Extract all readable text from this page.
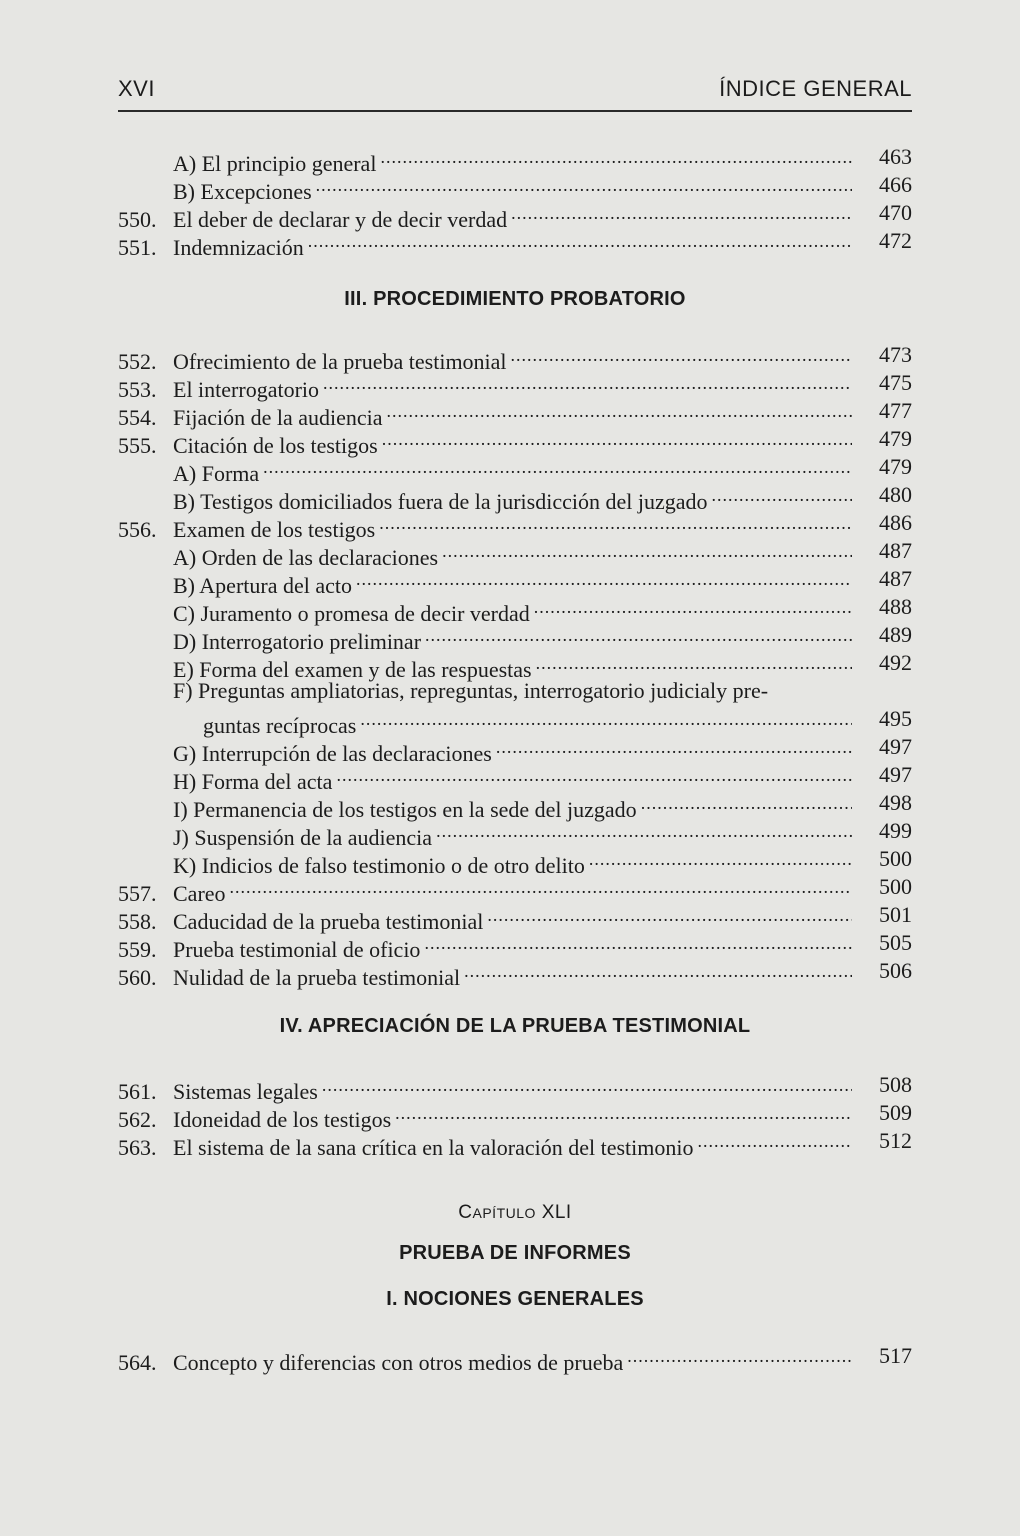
XVI	ÍNDICE GENERAL
A) El principio general .....	463
B) Excepciones .....	466
550. El deber de declarar y de decir verdad .....	470
551. Indemnización .....	472
552. Ofrecimiento de la prueba testimonial .....	473
553. El interrogatorio .....	475
554. Fijación de la audiencia .....	477
555. Citación de los testigos .....	479
A) Forma .....	479
B) Testigos domiciliados fuera de la jurisdicción del juzgado .....	480
556. Examen de los testigos .....	486
A) Orden de las declaraciones .....	487
B) Apertura del acto .....	487
C) Juramento o promesa de decir verdad .....	488
D) Interrogatorio preliminar .....	489
E) Forma del examen y de las respuestas .....	492
F) Preguntas ampliatorias, repreguntas, interrogatorio judicialy pre-
guntas recíprocas .....	495
G) Interrupción de las declaraciones .....	497
H) Forma del acta .....	497
I) Permanencia de los testigos en la sede del juzgado .....	498
J) Suspensión de la audiencia .....	499
K) Indicios de falso testimonio o de otro delito .....	500
557. Careo .....	500
558. Caducidad de la prueba testimonial .....	501
559. Prueba testimonial de oficio .....	505
560. Nulidad de la prueba testimonial .....	506
561. Sistemas legales .....	508
562. Idoneidad de los testigos .....	509
563. El sistema de la sana crítica en la valoración del testimonio .....	512
564. Concepto y diferencias con otros medios de prueba .....	517
III. PROCEDIMIENTO PROBATORIO
IV. APRECIACIÓN DE LA PRUEBA TESTIMONIAL
CAPÍTULO XLI
PRUEBA DE INFORMES
I. NOCIONES GENERALES
